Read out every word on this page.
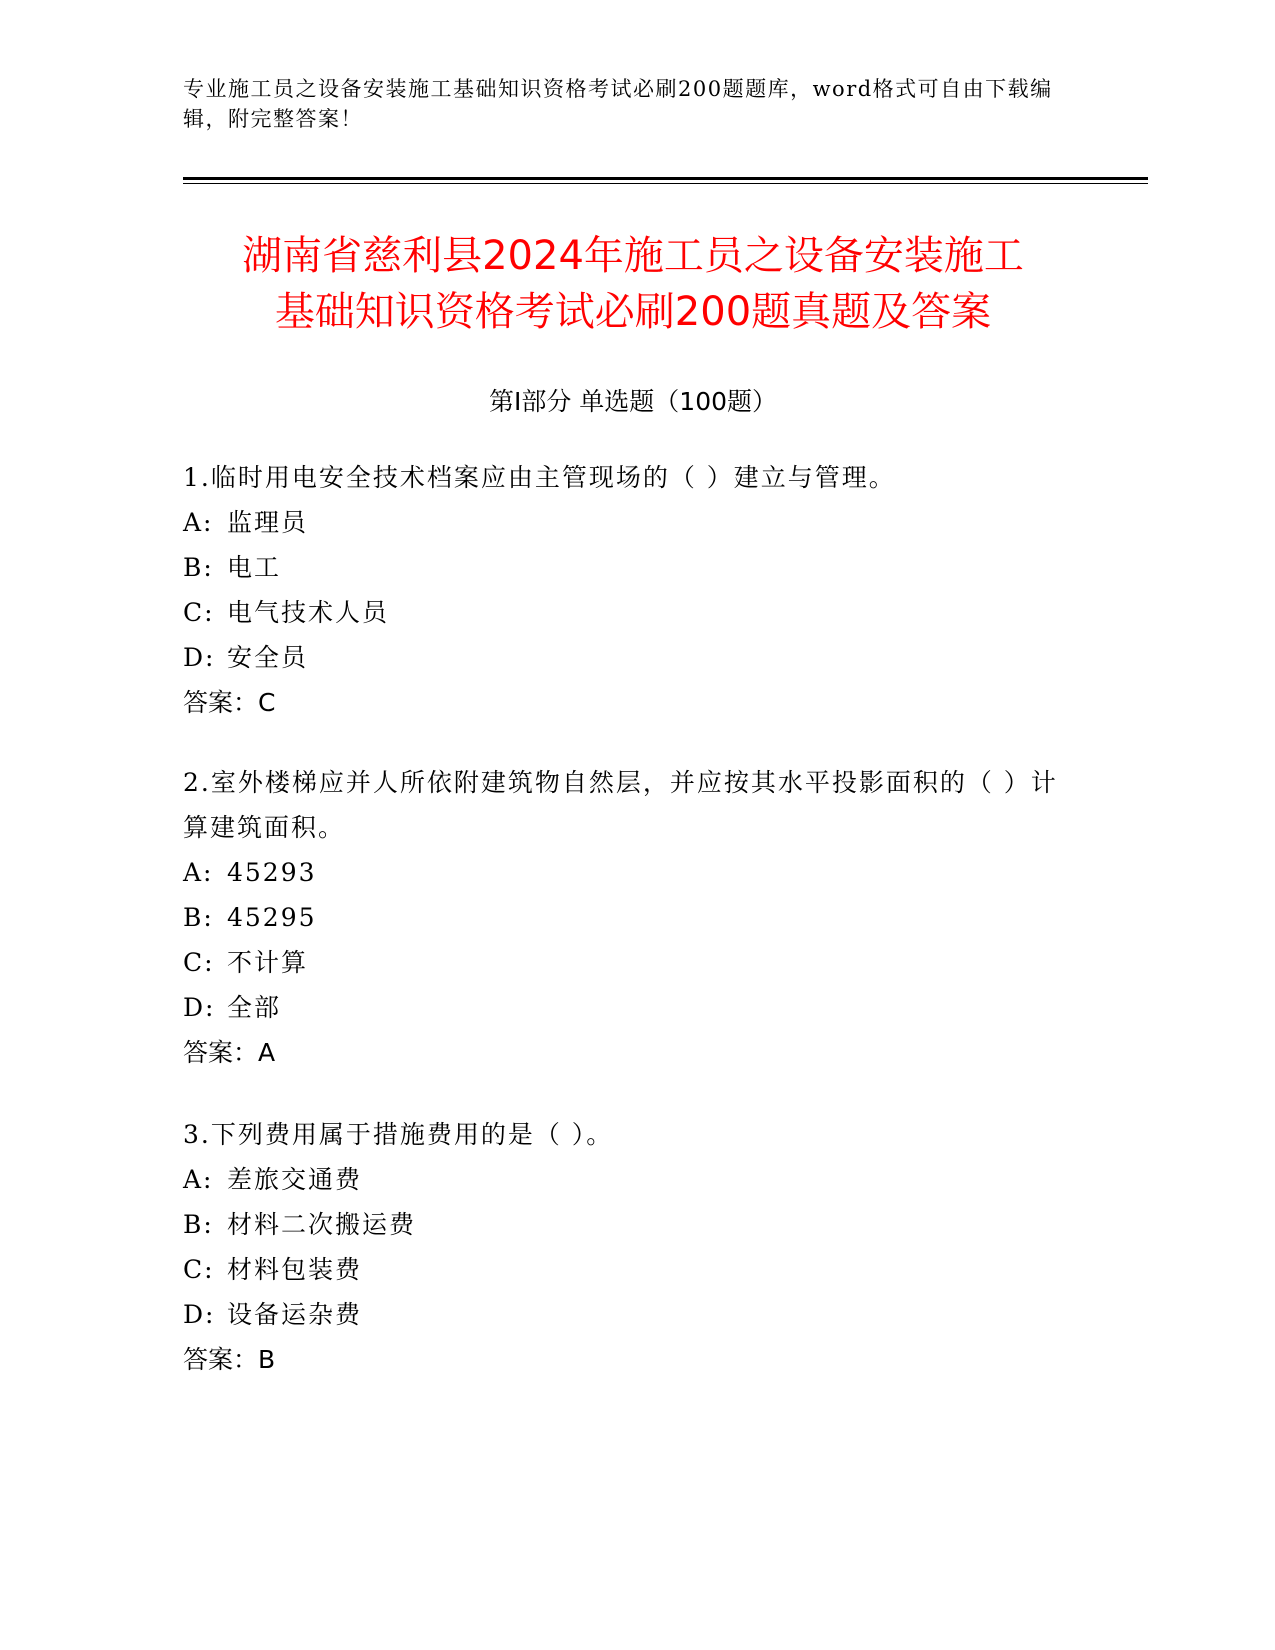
专业施工员之设备安装施工基础知识资格考试必刷200题题库，word格式可自由下载编辑，附完整答案！
湖南省慈利县2024年施工员之设备安装施工
基础知识资格考试必刷200题真题及答案
第I部分 单选题（100题）
1.临时用电安全技术档案应由主管现场的（ ）建立与管理。
A: 监理员
B: 电工
C: 电气技术人员
D: 安全员
答案：C
2.室外楼梯应并人所依附建筑物自然层，并应按其水平投影面积的（ ）计算建筑面积。
A: 45293
B: 45295
C: 不计算
D: 全部
答案：A
3.下列费用属于措施费用的是（ ）。
A: 差旅交通费
B: 材料二次搬运费
C: 材料包装费
D: 设备运杂费
答案：B
